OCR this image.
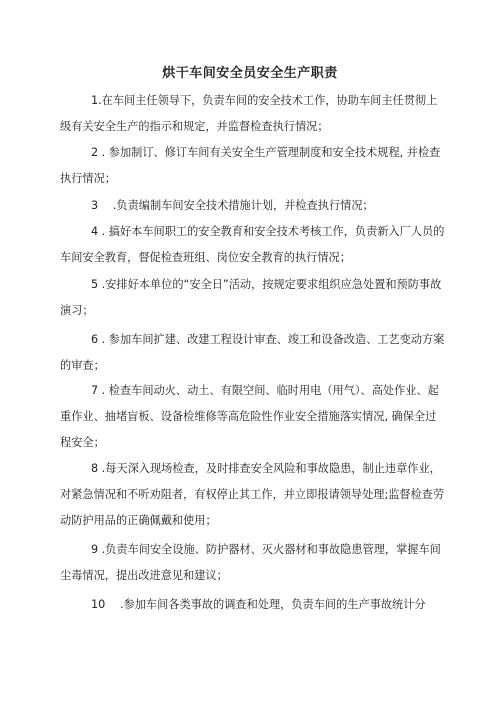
烘干车间安全员安全生产职责

1.在车间主任领导下，负责车间的安全技术工作，协助车间主任贯彻上级有关安全生产的指示和规定，并监督检查执行情况；

2 . 参加制订、修订车间有关安全生产管理制度和安全技术规程, 并检查执行情况；

3　 .负责编制车间安全技术措施计划，并检查执行情况；

4 . 搞好本车间职工的安全教育和安全技术考核工作，负责新入厂人员的车间安全教育，督促检查班组、岗位安全教育的执行情况；

5 .安排好本单位的“安全日”活动，按规定要求组织应急处置和预防事故演习；

6 . 参加车间扩建、改建工程设计审查、竣工和设备改造、工艺变动方案的审查；

7 . 检查车间动火、动土、有限空间、临时用电（用气）、高处作业、起重作业、抽堵盲板、设备检维修等高危险性作业安全措施落实情况, 确保全过程安全；

8 .每天深入现场检查，及时排查安全风险和事故隐患，制止违章作业，对紧急情况和不听劝阻者，有权停止其工作，并立即报请领导处理;监督检查劳动防护用品的正确佩戴和使用；

9 .负责车间安全设施、防护器材、灭火器材和事故隐患管理，掌握车间尘毒情况，提出改进意见和建议；

10　 .参加车间各类事故的调查和处理，负责车间的生产事故统计分
